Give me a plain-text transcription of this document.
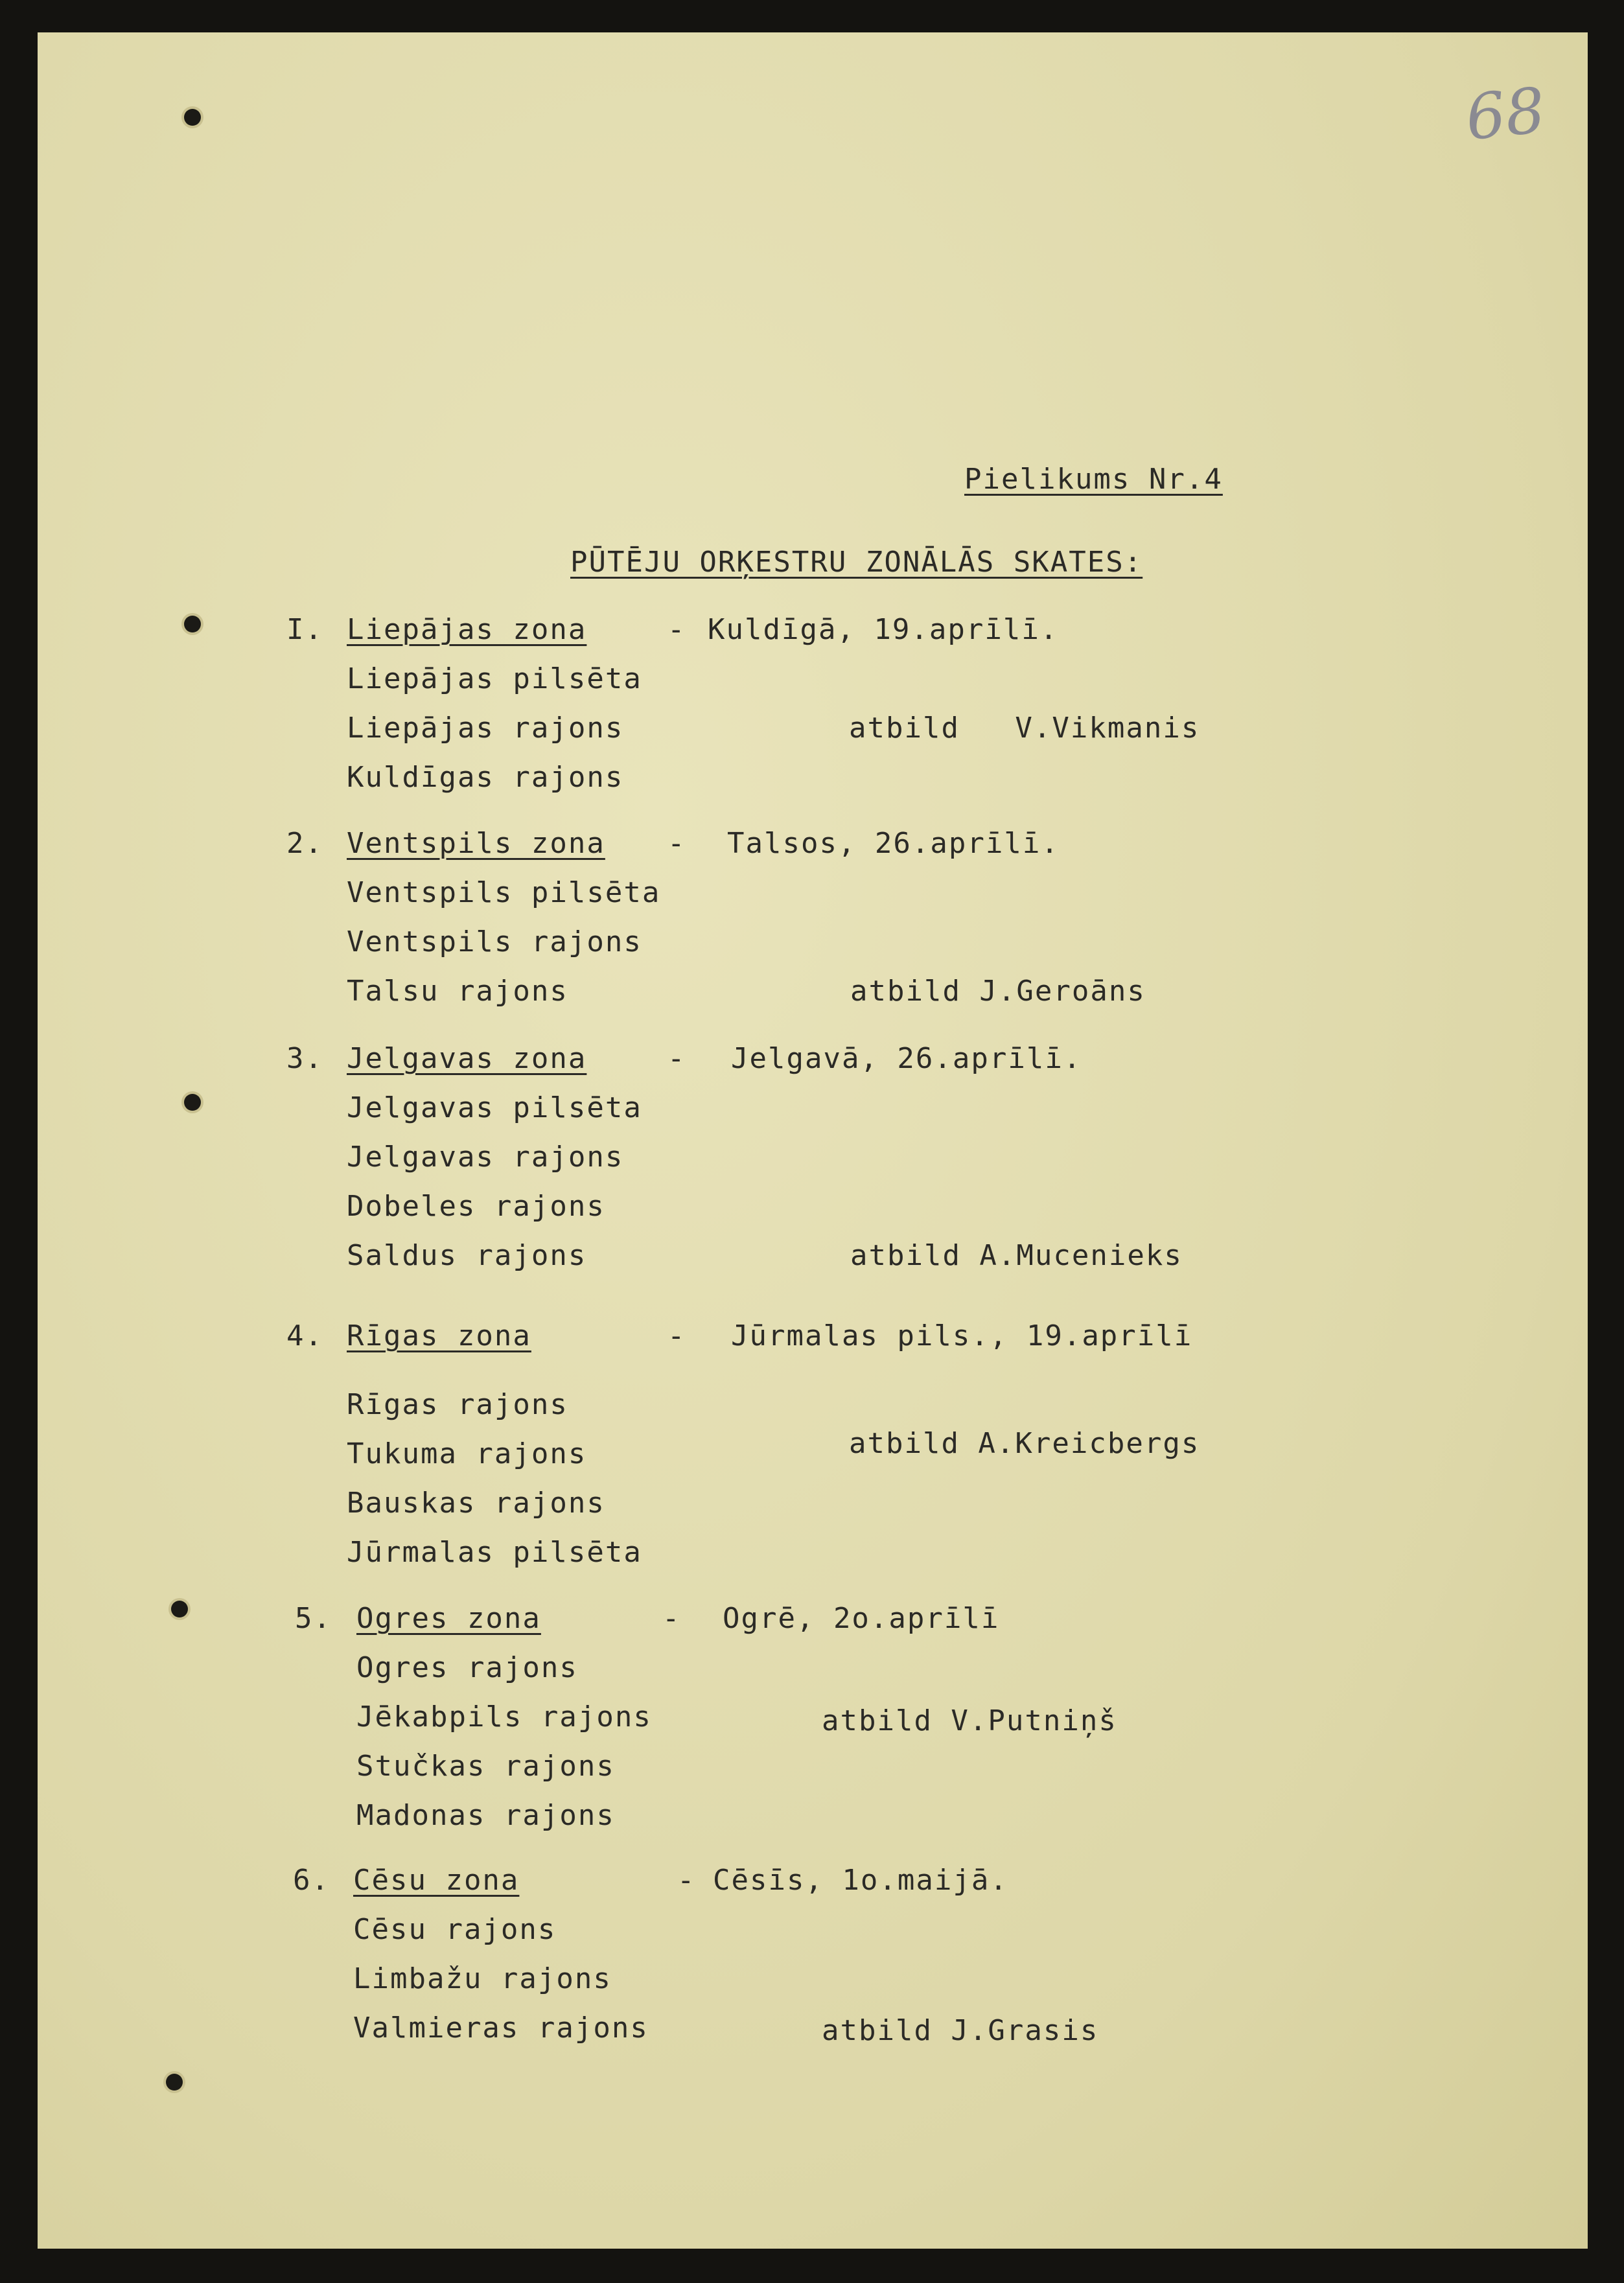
68
Pielikums Nr.4
PŪTĒJU ORĶESTRU ZONĀLĀS SKATES:
I. Liepājas zona	- Kuldīgā, 19.aprīlī.
Liepājas pilsēta
Liepājas rajons
Kuldīgas rajons
atbild   V.Vikmanis
2. Ventspils zona - Talsos, 26.aprīlī.
Ventspils pilsēta
Ventspils rajons
Talsu rajons	atbild J.Geroāns
3. Jelgavas zona	- Jelgavā, 26.aprīlī.
Jelgavas pilsēta
Jelgavas rajons
Dobeles rajons
Saldus rajons	atbild A.Mucenieks
4. Rīgas zona	- Jūrmalas pils., 19.aprīlī
Rīgas rajons
Tukuma rajons
Bauskas rajons
Jūrmalas pilsēta
atbild A.Kreicbergs
5. Ogres zona	- Ogrē, 2o.aprīlī
Ogres rajons
Jēkabpils rajons
Stučkas rajons
Madonas rajons
atbild V.Putniņš
6. Cēsu zona	- Cēsīs, 1o.maijā.
Cēsu rajons
Limbažu rajons
Valmieras rajons	atbild J.Grasis
